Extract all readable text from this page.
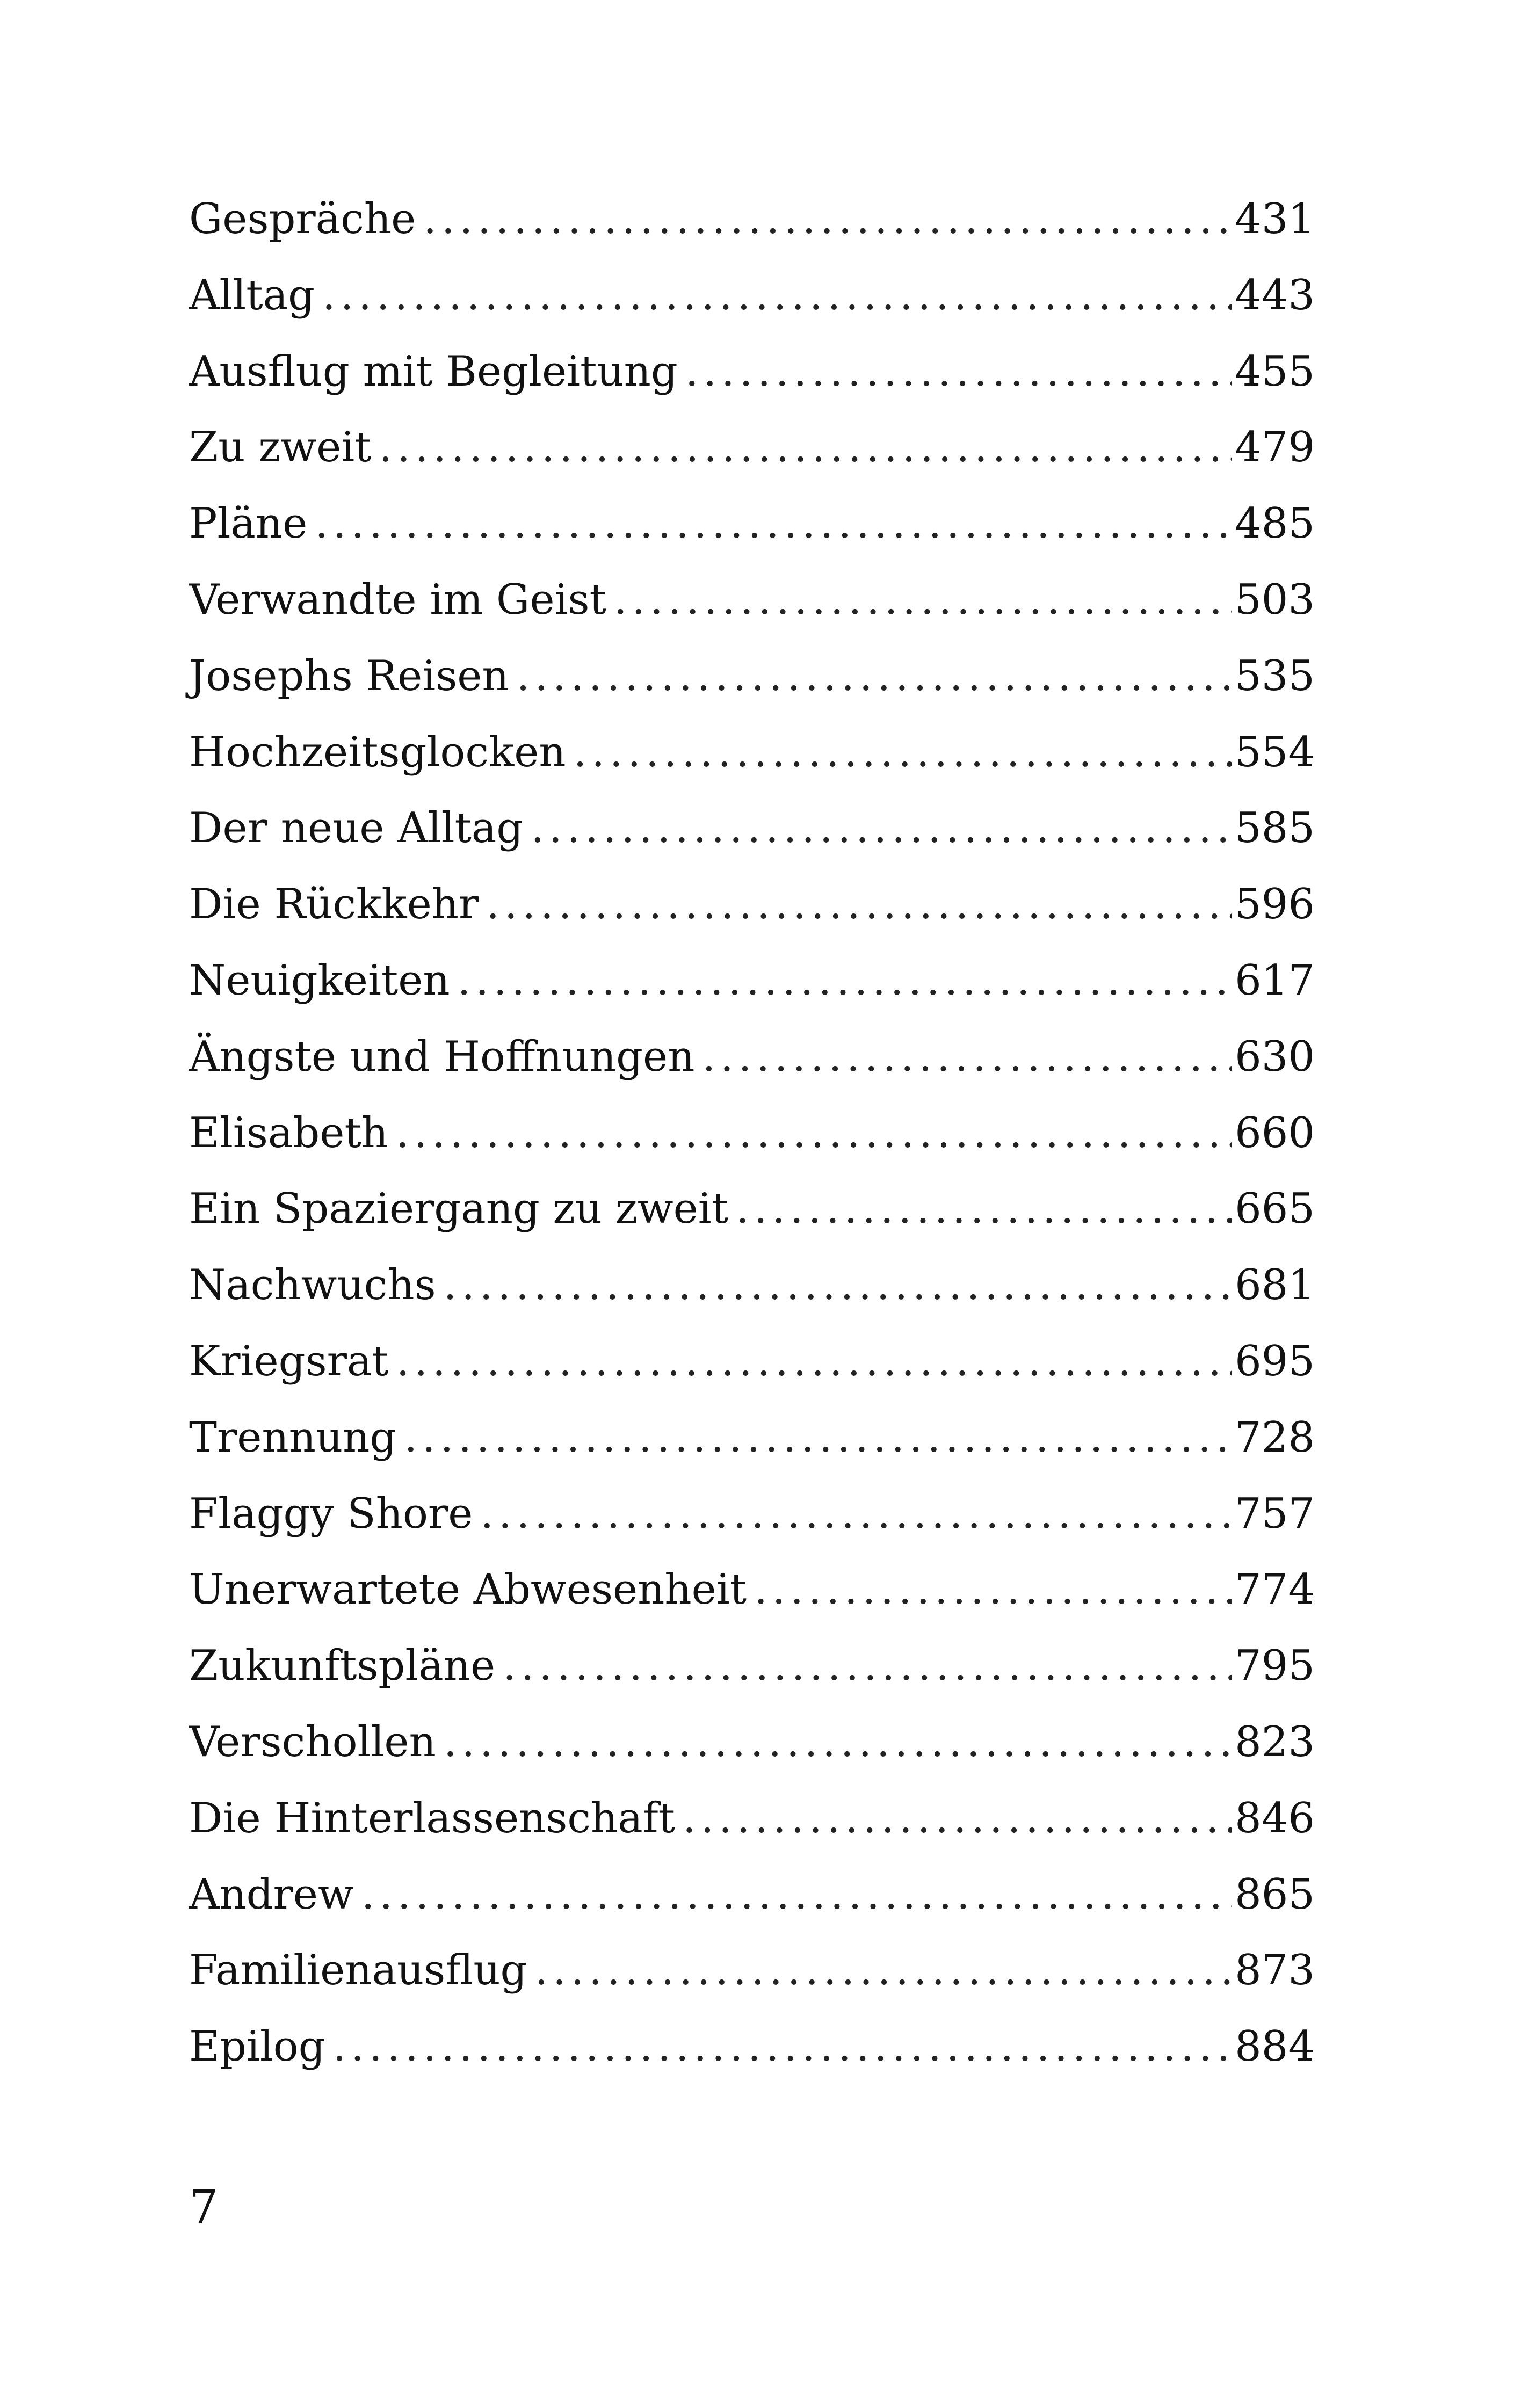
Gespräche . . .	431
Alltag . . .	443
Ausflug mit Begleitung . . .	455
Zu zweit . . .	479
Pläne . . .	485
Verwandte im Geist . . .	503
Josephs Reisen . . .	535
Hochzeitsglocken . . .	554
Der neue Alltag . . .	585
Die Rückkehr . . .	596
Neuigkeiten . . .	617
Ängste und Hoffnungen . . .	630
Elisabeth . . .	660
Ein Spaziergang zu zweit . . .	665
Nachwuchs . . .	681
Kriegsrat . . .	695
Trennung . . .	728
Flaggy Shore . . .	757
Unerwartete Abwesenheit . . .	774
Zukunftspläne . . .	795
Verschollen . . .	823
Die Hinterlassenschaft . . .	846
Andrew . . .	865
Familienausflug . . .	873
Epilog . . .	884
7
